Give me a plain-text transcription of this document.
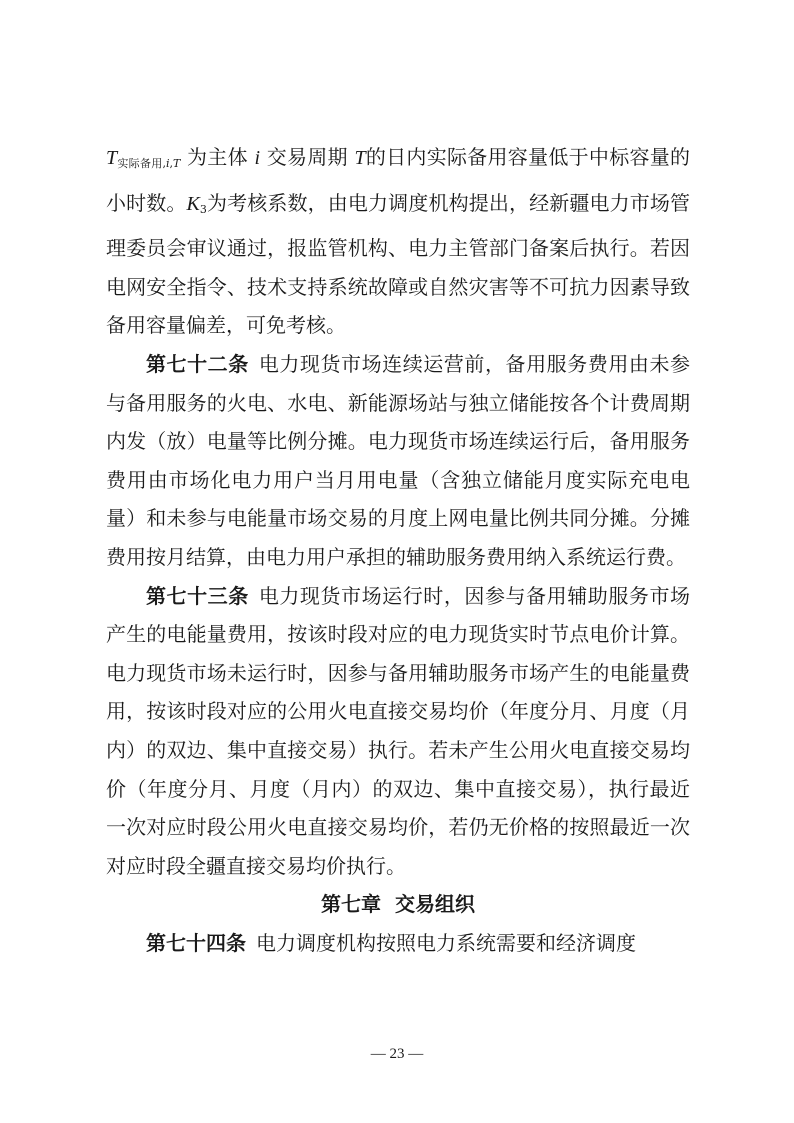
$T_{实际备用,i,T}$ 为主体 i 交易周期 T的日内实际备用容量低于中标容量的小时数。$K_3$为考核系数，由电力调度机构提出，经新疆电力市场管理委员会审议通过，报监管机构、电力主管部门备案后执行。若因电网安全指令、技术支持系统故障或自然灾害等不可抗力因素导致备用容量偏差，可免考核。

第七十二条 电力现货市场连续运营前，备用服务费用由未参与备用服务的火电、水电、新能源场站与独立储能按各个计费周期内发（放）电量等比例分摊。电力现货市场连续运行后，备用服务费用由市场化电力用户当月用电量（含独立储能月度实际充电电量）和未参与电能量市场交易的月度上网电量比例共同分摊。分摊费用按月结算，由电力用户承担的辅助服务费用纳入系统运行费。

第七十三条 电力现货市场运行时，因参与备用辅助服务市场产生的电能量费用，按该时段对应的电力现货实时节点电价计算。电力现货市场未运行时，因参与备用辅助服务市场产生的电能量费用，按该时段对应的公用火电直接交易均价（年度分月、月度（月内）的双边、集中直接交易）执行。若未产生公用火电直接交易均价（年度分月、月度（月内）的双边、集中直接交易），执行最近一次对应时段公用火电直接交易均价，若仍无价格的按照最近一次对应时段全疆直接交易均价执行。

第七章  交易组织

第七十四条 电力调度机构按照电力系统需要和经济调度

— 23 —
